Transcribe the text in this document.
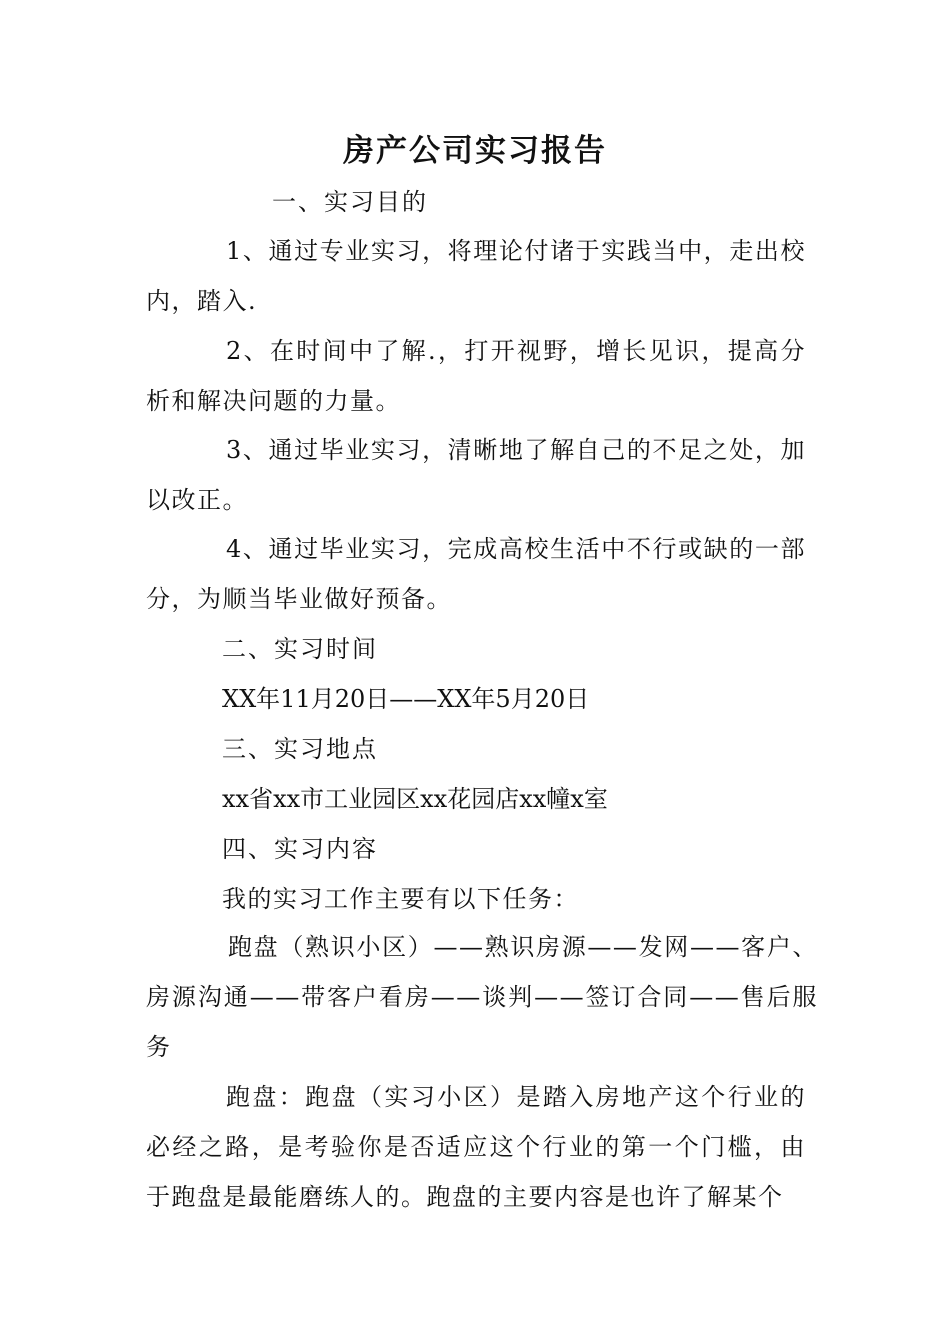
房产公司实习报告

一、实习目的

1、通过专业实习，将理论付诸于实践当中，走出校内，踏入.

2、在时间中了解.，打开视野，增长见识，提高分析和解决问题的力量。

3、通过毕业实习，清晰地了解自己的不足之处，加以改正。

4、通过毕业实习，完成高校生活中不行或缺的一部分，为顺当毕业做好预备。

二、实习时间

XX年11月20日——XX年5月20日

三、实习地点

xx省xx市工业园区xx花园店xx幢x室

四、实习内容

我的实习工作主要有以下任务：

跑盘（熟识小区）——熟识房源——发网——客户、房源沟通——带客户看房——谈判——签订合同——售后服务

跑盘：跑盘（实习小区）是踏入房地产这个行业的必经之路，是考验你是否适应这个行业的第一个门槛，由于跑盘是最能磨练人的。跑盘的主要内容是也许了解某个
